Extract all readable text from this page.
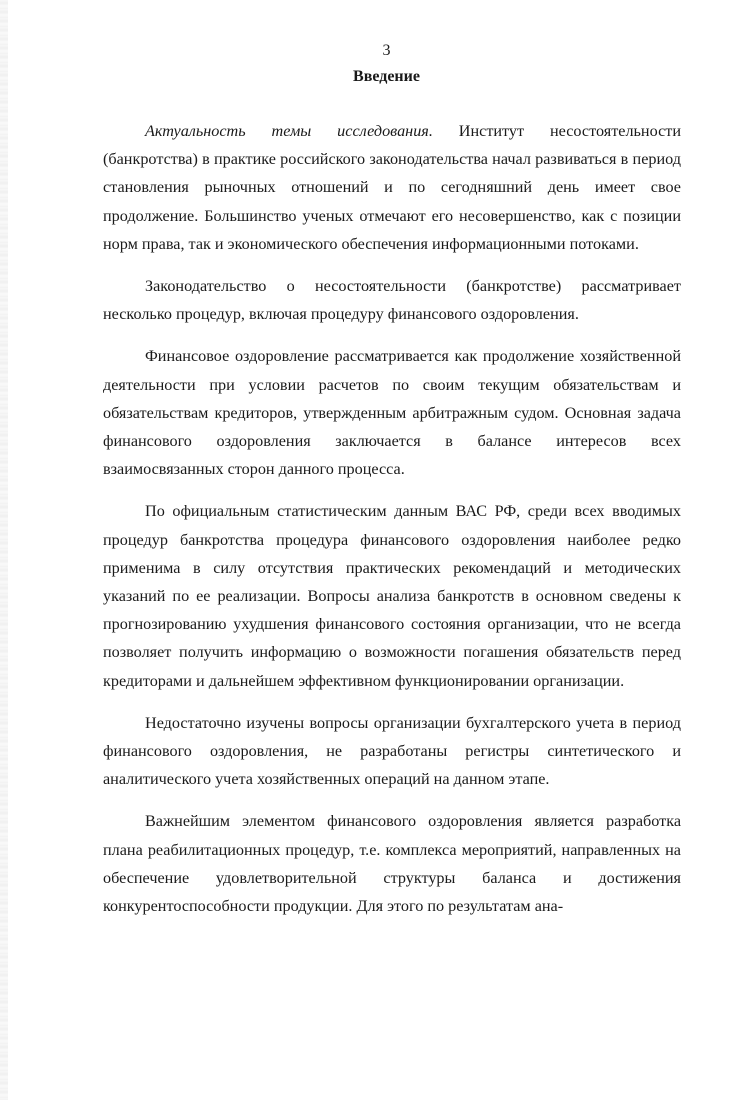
3
Введение

Актуальность темы исследования. Институт несостоятельности (банкротства) в практике российского законодательства начал развиваться в период становления рыночных отношений и по сегодняшний день имеет свое продолжение. Большинство ученых отмечают его несовершенство, как с позиции норм права, так и экономического обеспечения информационными потоками.

Законодательство о несостоятельности (банкротстве) рассматривает несколько процедур, включая процедуру финансового оздоровления.

Финансовое оздоровление рассматривается как продолжение хозяйственной деятельности при условии расчетов по своим текущим обязательствам и обязательствам кредиторов, утвержденным арбитражным судом. Основная задача финансового оздоровления заключается в балансе интересов всех взаимосвязанных сторон данного процесса.

По официальным статистическим данным ВАС РФ, среди всех вводимых процедур банкротства процедура финансового оздоровления наиболее редко применима в силу отсутствия практических рекомендаций и методических указаний по ее реализации. Вопросы анализа банкротств в основном сведены к прогнозированию ухудшения финансового состояния организации, что не всегда позволяет получить информацию о возможности погашения обязательств перед кредиторами и дальнейшем эффективном функционировании организации.

Недостаточно изучены вопросы организации бухгалтерского учета в период финансового оздоровления, не разработаны регистры синтетического и аналитического учета хозяйственных операций на данном этапе.

Важнейшим элементом финансового оздоровления является разработка плана реабилитационных процедур, т.е. комплекса мероприятий, направленных на обеспечение удовлетворительной структуры баланса и достижения конкурентоспособности продукции. Для этого по результатам ана-
